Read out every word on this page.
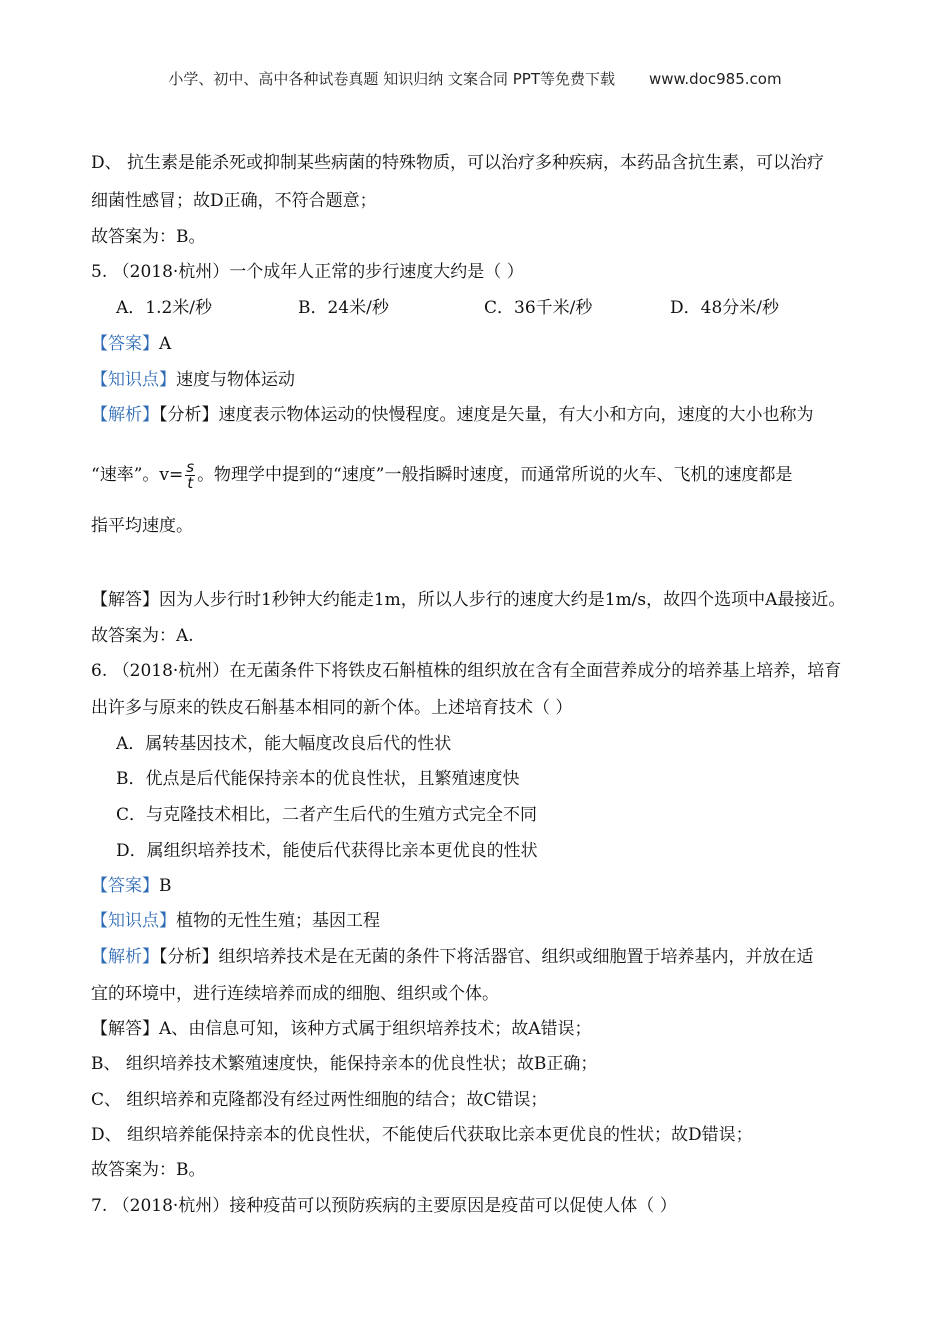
小学、初中、高中各种试卷真题 知识归纳 文案合同 PPT等免费下载 www.doc985.com
D、 抗生素是能杀死或抑制某些病菌的特殊物质，可以治疗多种疾病，本药品含抗生素，可以治疗
细菌性感冒；故D正确，不符合题意；
故答案为：B。
5. （2018·杭州）一个成年人正常的步行速度大约是（ ）
A．1.2米/秒	B．24米/秒	C．36千米/秒	D．48分米/秒
【答案】A
【知识点】速度与物体运动
【解析】【分析】速度表示物体运动的快慢程度。速度是矢量，有大小和方向，速度的大小也称为
“速率”。$v= \frac{s}{t}$ 。物理学中提到的“速度”一般指瞬时速度，而通常所说的火车、飞机的速度都是
指平均速度。
【解答】因为人步行时1秒钟大约能走1m，所以人步行的速度大约是1m/s，故四个选项中A最接近。
故答案为：A.
6. （2018·杭州）在无菌条件下将铁皮石斛植株的组织放在含有全面营养成分的培养基上培养，培育
出许多与原来的铁皮石斛基本相同的新个体。上述培育技术（ ）
A．属转基因技术，能大幅度改良后代的性状
B．优点是后代能保持亲本的优良性状，且繁殖速度快
C．与克隆技术相比，二者产生后代的生殖方式完全不同
D．属组织培养技术，能使后代获得比亲本更优良的性状
【答案】B
【知识点】植物的无性生殖；基因工程
【解析】【分析】组织培养技术是在无菌的条件下将活器官、组织或细胞置于培养基内，并放在适
宜的环境中，进行连续培养而成的细胞、组织或个体。
【解答】A、由信息可知，该种方式属于组织培养技术；故A错误；
B、 组织培养技术繁殖速度快，能保持亲本的优良性状；故B正确；
C、 组织培养和克隆都没有经过两性细胞的结合；故C错误；
D、 组织培养能保持亲本的优良性状，不能使后代获取比亲本更优良的性状；故D错误；
故答案为：B。
7. （2018·杭州）接种疫苗可以预防疾病的主要原因是疫苗可以促使人体（ ）
